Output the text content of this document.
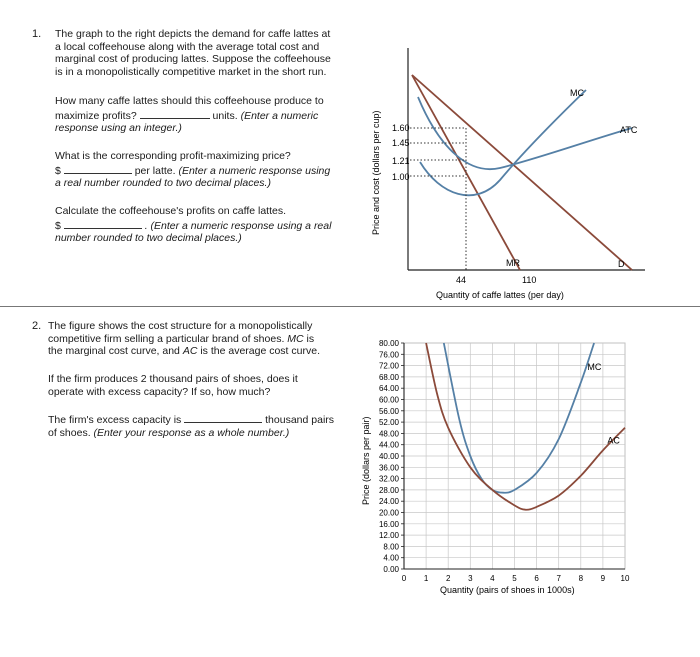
1. The graph to the right depicts the demand for caffe lattes at
a local coffeehouse along with the average total cost and
marginal cost of producing lattes. Suppose the coffeehouse
is in a monopolistically competitive market in the short run.
How many caffe lattes should this coffeehouse produce to
maximize profits?	units. (Enter a numeric
response using an integer.)
What is the corresponding profit-maximizing price?
$	per latte. (Enter a numeric response using
a real number rounded to two decimal places.)
Calculate the coffeehouse's profits on caffe lattes.
$	. (Enter a numeric response using a real
number rounded to two decimal places.)
1.60
1.45
1.21
1.00
44	110
MC
ATC
D
MR
Quantity of caffe lattes (per day)
Price and cost (dollars per cup)
2. The figure shows the cost structure for a monopolistically
competitive firm selling a particular brand of shoes. MC is
the marginal cost curve, and AC is the average cost curve.
If the firm produces 2 thousand pairs of shoes, does it
operate with excess capacity? If so, how much?
The firm's excess capacity is	thousand pairs
of shoes. (Enter your response as a whole number.)
80.00
76.00
72.00
68.00
64.00
60.00
56.00
52.00
48.00
44.00
40.00
36.00
32.00
28.00
24.00
20.00
16.00
12.00
8.00
4.00
0.00
0 1 2 3 4 5 6 7 8 9 10
MC
AC
Quantity (pairs of shoes in 1000s)
Price (dollars per pair)
